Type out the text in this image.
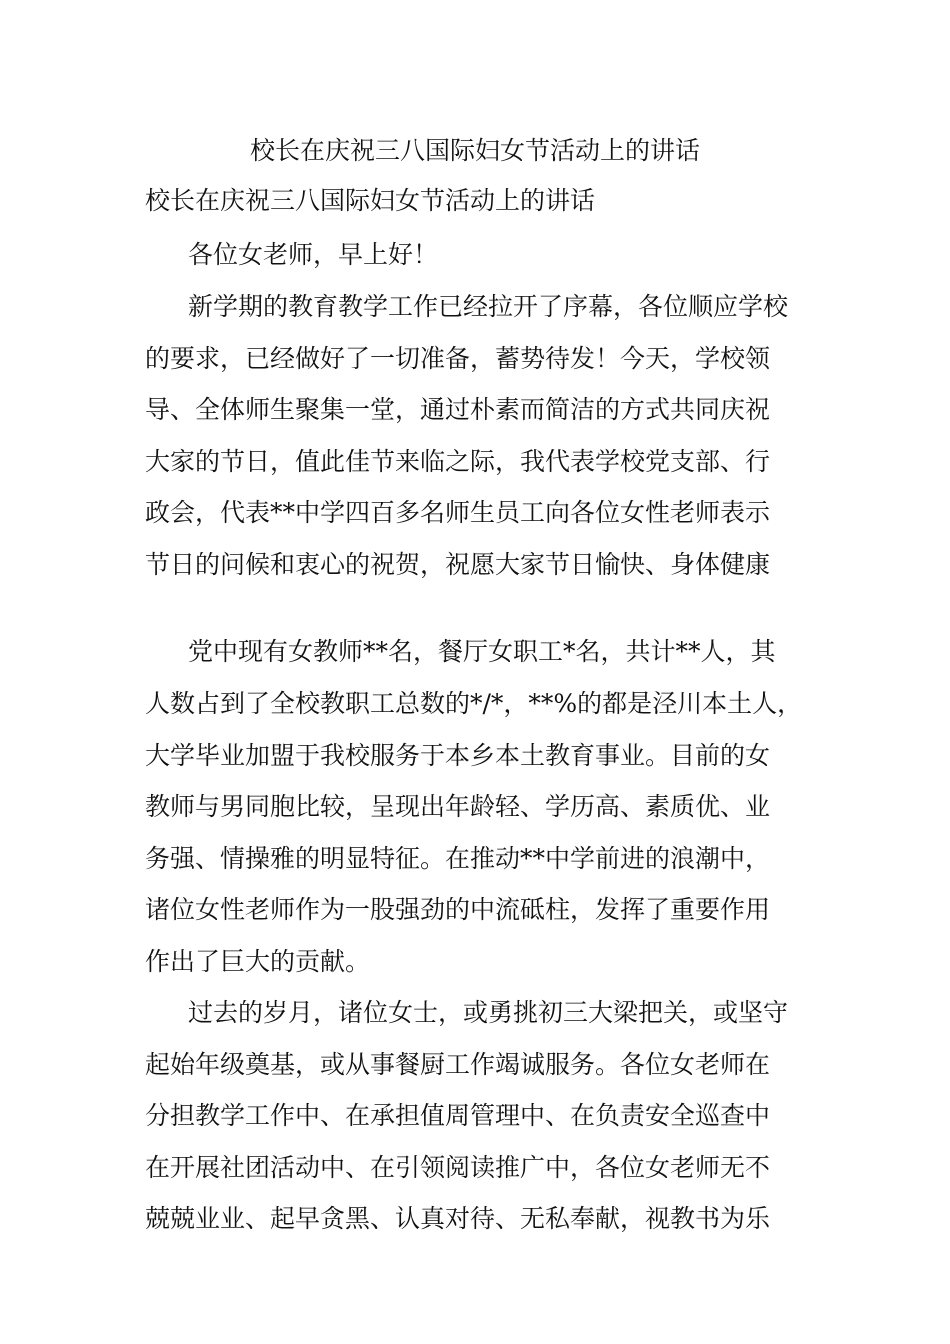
校长在庆祝三八国际妇女节活动上的讲话
校长在庆祝三八国际妇女节活动上的讲话
各位女老师，早上好！
新学期的教育教学工作已经拉开了序幕，各位顺应学校
的要求，已经做好了一切准备，蓄势待发！今天，学校领
导、全体师生聚集一堂，通过朴素而简洁的方式共同庆祝
大家的节日，值此佳节来临之际，我代表学校党支部、行
政会，代表**中学四百多名师生员工向各位女性老师表示
节日的问候和衷心的祝贺，祝愿大家节日愉快、身体健康
党中现有女教师**名，餐厅女职工*名，共计**人，其
人数占到了全校教职工总数的*/*，**%的都是泾川本土人，
大学毕业加盟于我校服务于本乡本土教育事业。目前的女
教师与男同胞比较，呈现出年龄轻、学历高、素质优、业
务强、情操雅的明显特征。在推动**中学前进的浪潮中，
诸位女性老师作为一股强劲的中流砥柱，发挥了重要作用
作出了巨大的贡献。
过去的岁月，诸位女士，或勇挑初三大梁把关，或坚守
起始年级奠基，或从事餐厨工作竭诚服务。各位女老师在
分担教学工作中、在承担值周管理中、在负责安全巡查中
在开展社团活动中、在引领阅读推广中，各位女老师无不
兢兢业业、起早贪黑、认真对待、无私奉献，视教书为乐
